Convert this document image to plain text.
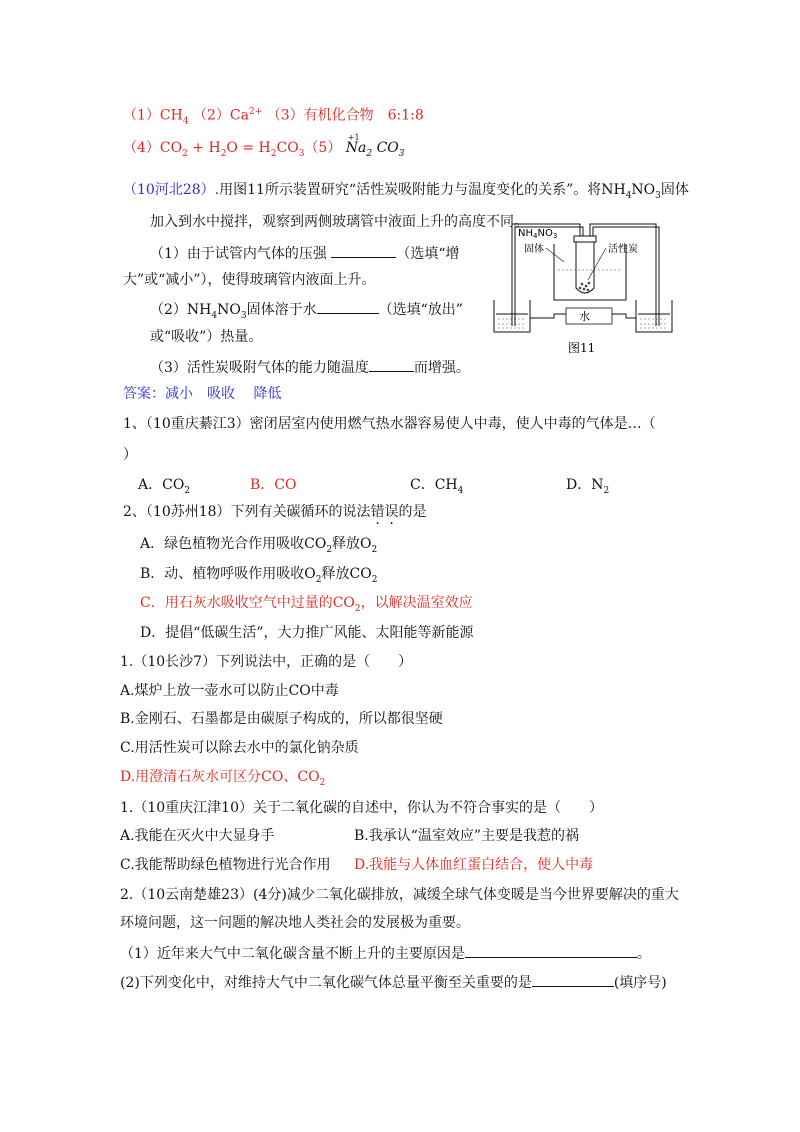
$(1)CH_4$ $(2)Ca^{2+}$ （3）有机化合物　6:1:8
$(4)CO_2 + H_2O = H_2CO_3(5)$
+1
$Na_2$ $CO_3$
（10河北28）.用图11所示装置研究“活性炭吸附能力与温度变化的关系”。将$NH_4NO_3$固体
加入到水中搅拌，观察到两侧玻璃管中液面上升的高度不同。
（1）由于试管内气体的压强	（选填“增
大”或“减小”），使得玻璃管内液面上升。
$(2)NH_4NO_3$固体溶于水	（选填“放出”
或“吸收”）热量。
（3）活性炭吸附气体的能力随温度	而增强。
答案：减小　吸收　 降低
水
$NH_4NO_3$
固体	活性炭
图11
1、（10重庆綦江3）密闭居室内使用燃气热水器容易使人中毒，使人中毒的气体是…（
）
A．$CO_2$	B．CO	C．$CH_4$	D．$N_2$
2、（10苏州18）下列有关碳循环的说法错误的是
A．绿色植物光合作用吸收$CO_2$释放$O_2$
B．动、植物呼吸作用吸收$O_2$释放$CO_2$
C．用石灰水吸收空气中过量的$CO_2$，以解决温室效应
D．提倡“低碳生活”，大力推广风能、太阳能等新能源
1.（10长沙7）下列说法中，正确的是（　　）
A.煤炉上放一壶水可以防止CO中毒
B.金刚石、石墨都是由碳原子构成的，所以都很坚硬
C.用活性炭可以除去水中的氯化钠杂质
D.用澄清石灰水可区分CO、$CO_2$
1.（10重庆江津10）关于二氧化碳的自述中，你认为不符合事实的是（　　）
A.我能在灭火中大显身手	B.我承认“温室效应”主要是我惹的祸
C.我能帮助绿色植物进行光合作用 D.我能与人体血红蛋白结合，使人中毒
2.（10云南楚雄23）(4分)减少二氧化碳排放，减缓全球气体变暖是当今世界要解决的重大
环境问题，这一问题的解决地人类社会的发展极为重要。
（1）近年来大气中二氧化碳含量不断上升的主要原因是	。
(2)下列变化中，对维持大气中二氧化碳气体总量平衡至关重要的是	(填序号)
